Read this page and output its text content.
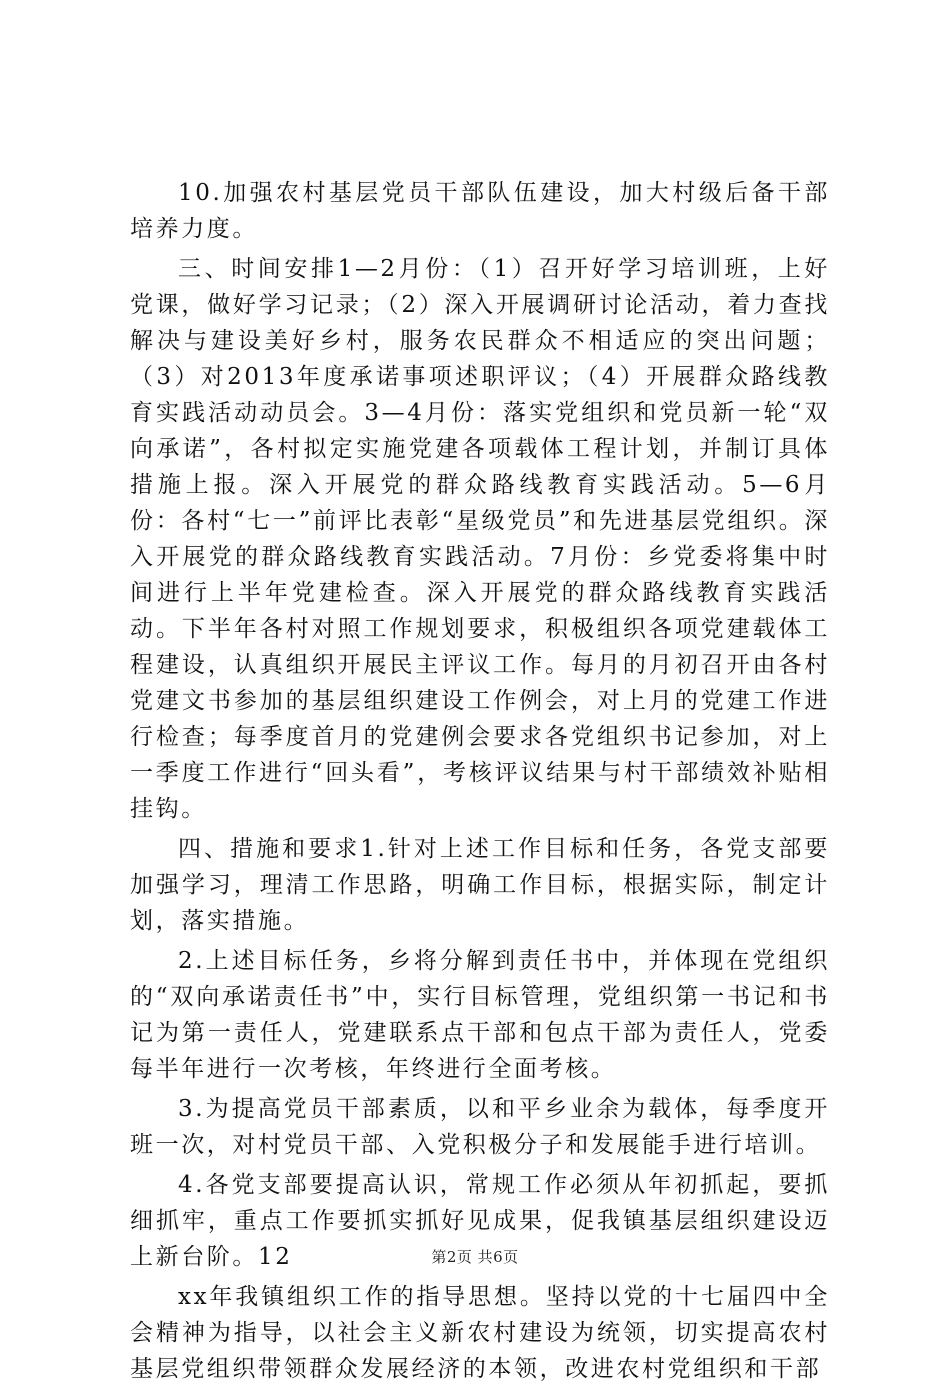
10.加强农村基层党员干部队伍建设，加大村级后备干部培养力度。

三、时间安排1—2月份：（1）召开好学习培训班，上好党课，做好学习记录；（2）深入开展调研讨论活动，着力查找解决与建设美好乡村，服务农民群众不相适应的突出问题；（3）对2013年度承诺事项述职评议；（4）开展群众路线教育实践活动动员会。3—4月份：落实党组织和党员新一轮“双向承诺”，各村拟定实施党建各项载体工程计划，并制订具体措施上报。深入开展党的群众路线教育实践活动。5—6月份：各村“七一”前评比表彰“星级党员”和先进基层党组织。深入开展党的群众路线教育实践活动。7月份：乡党委将集中时间进行上半年党建检查。深入开展党的群众路线教育实践活动。下半年各村对照工作规划要求，积极组织各项党建载体工程建设，认真组织开展民主评议工作。每月的月初召开由各村党建文书参加的基层组织建设工作例会，对上月的党建工作进行检查；每季度首月的党建例会要求各党组织书记参加，对上一季度工作进行“回头看”，考核评议结果与村干部绩效补贴相挂钩。

四、措施和要求1.针对上述工作目标和任务，各党支部要加强学习，理清工作思路，明确工作目标，根据实际，制定计划，落实措施。

2.上述目标任务，乡将分解到责任书中，并体现在党组织的“双向承诺责任书”中，实行目标管理，党组织第一书记和书记为第一责任人，党建联系点干部和包点干部为责任人，党委每半年进行一次考核，年终进行全面考核。

3.为提高党员干部素质，以和平乡业余为载体，每季度开班一次，对村党员干部、入党积极分子和发展能手进行培训。

4.各党支部要提高认识，常规工作必须从年初抓起，要抓细抓牢，重点工作要抓实抓好见成果，促我镇基层组织建设迈上新台阶。12

xx年我镇组织工作的指导思想。坚持以党的十七届四中全会精神为指导，以社会主义新农村建设为统领，切实提高农村基层党组织带领群众发展经济的本领，改进农村党组织和干部

第2页 共6页
